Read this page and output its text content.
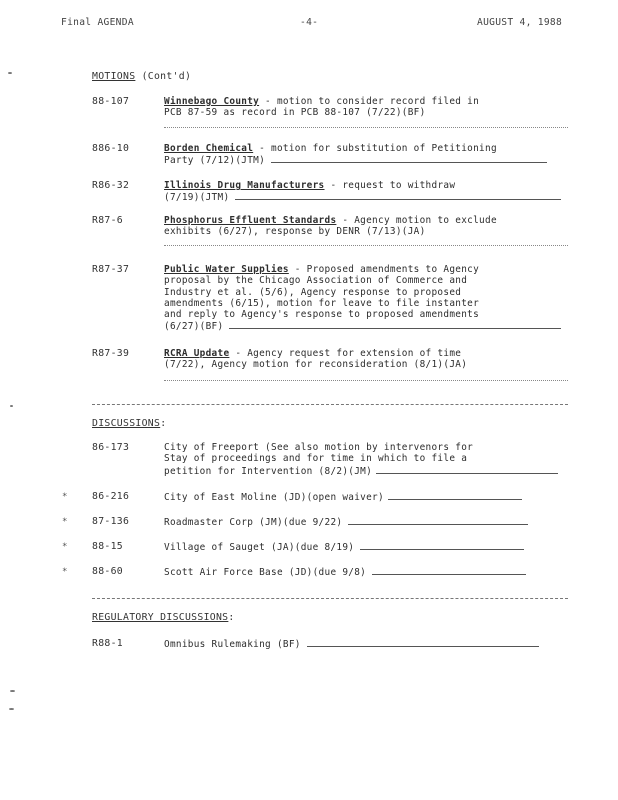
Final AGENDA	-4-	AUGUST 4, 1988
MOTIONS (Cont'd)
88-107	Winnebago County - motion to consider record filed in
PCB 87-59 as record in PCB 88-107 (7/22)(BF)
886-10	Borden Chemical - motion for substitution of Petitioning
Party (7/12)(JTM)
R86-32	Illinois Drug Manufacturers - request to withdraw
(7/19)(JTM)
R87-6	Phosphorus Effluent Standards - Agency motion to exclude
exhibits (6/27), response by DENR (7/13)(JA)
R87-37	Public Water Supplies - Proposed amendments to Agency
proposal by the Chicago Association of Commerce and
Industry et al. (5/6), Agency response to proposed
amendments (6/15), motion for leave to file instanter
and reply to Agency's response to proposed amendments
(6/27)(BF)
R87-39	RCRA Update - Agency request for extension of time
(7/22), Agency motion for reconsideration (8/1)(JA)
DISCUSSIONS:
86-173	City of Freeport (See also motion by intervenors for
Stay of proceedings and for time in which to file a
petition for Intervention (8/2)(JM)
* 86-216	City of East Moline (JD)(open waiver)
* 87-136	Roadmaster Corp (JM)(due 9/22)
* 88-15	Village of Sauget (JA)(due 8/19)
* 88-60	Scott Air Force Base (JD)(due 9/8)
REGULATORY DISCUSSIONS:
R88-1	Omnibus Rulemaking (BF)
